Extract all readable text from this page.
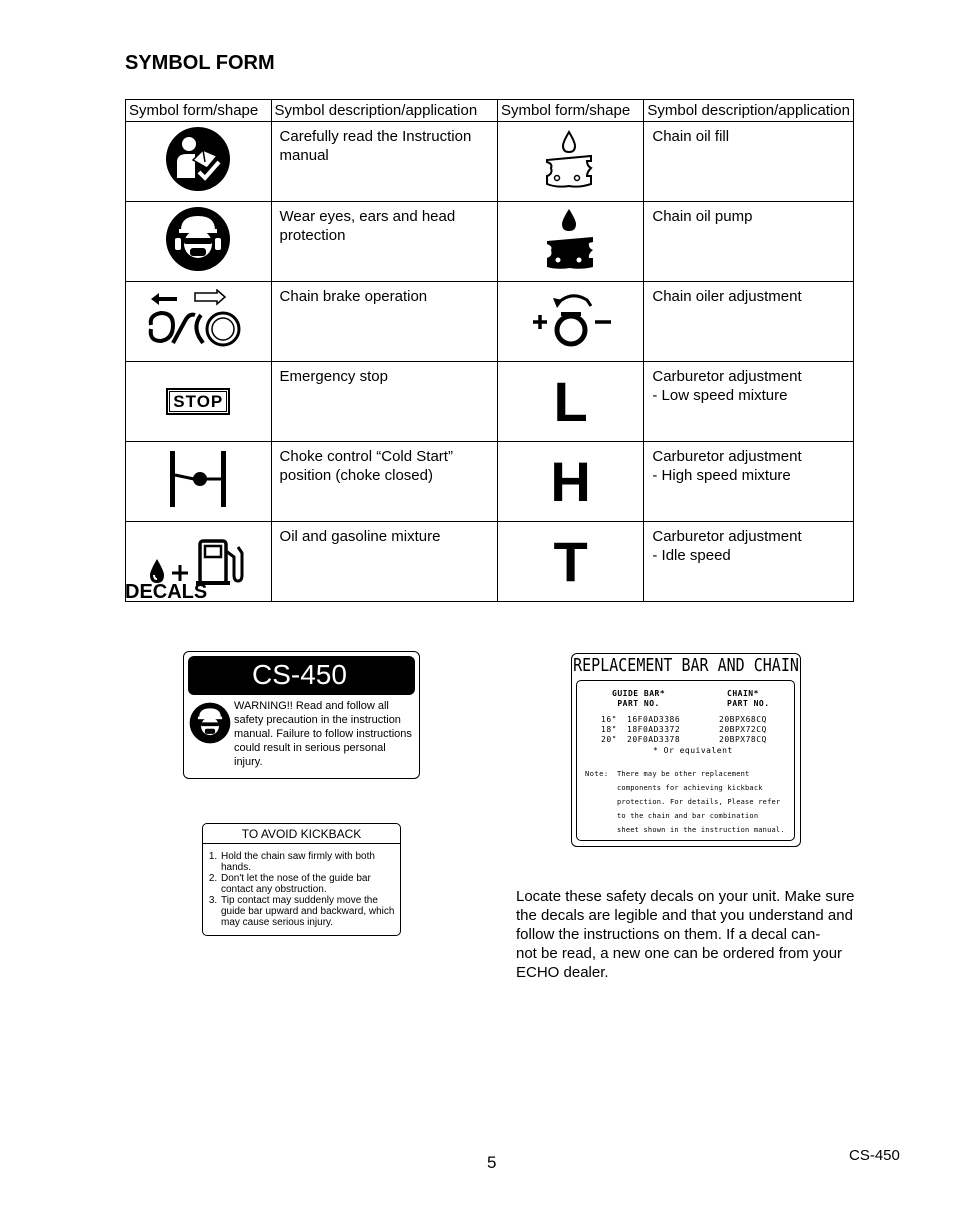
SYMBOL FORM
Symbol form/shape	Symbol description/application	Symbol form/shape	Symbol description/application
	Carefully read the Instruction manual		Chain oil fill
	Wear eyes, ears and head protection		Chain oil pump
	Chain brake operation		Chain oiler adjustment

STOP	Emergency stop	L	Carburetor adjustment
- Low speed mixture
	Choke control “Cold Start” position (choke closed)	H	Carburetor adjustment
- High speed mixture
	Oil and gasoline mixture	T	Carburetor adjustment
- Idle speed
DECALS
CS-450
WARNING!! Read and follow all safety precaution in the instruction manual. Failure to follow instructions could result in serious personal injury.
TO AVOID KICKBACK
1. Hold the chain saw firmly with both hands.
2. Don't let the nose of the guide bar contact any obstruction.
3. Tip contact may suddenly move the guide bar upward and backward, which may cause serious injury.
REPLACEMENT BAR AND CHAIN
GUIDE BAR*
PART NO.
CHAIN*
PART NO.
16" 16F0AD3386	20BPX68CQ
18" 18F0AD3372	20BPX72CQ
20" 20F0AD3378	20BPX78CQ
* Or equivalent
Note: There may be other replacement
components for achieving kickback
protection. For details, Please refer
to the chain and bar combination
sheet shown in the instruction manual.
Locate these safety decals on your unit. Make sure
the decals are legible and that you understand and
follow the instructions on them. If a decal can-
not be read, a new one can be ordered from your
ECHO dealer.
5	CS-450
